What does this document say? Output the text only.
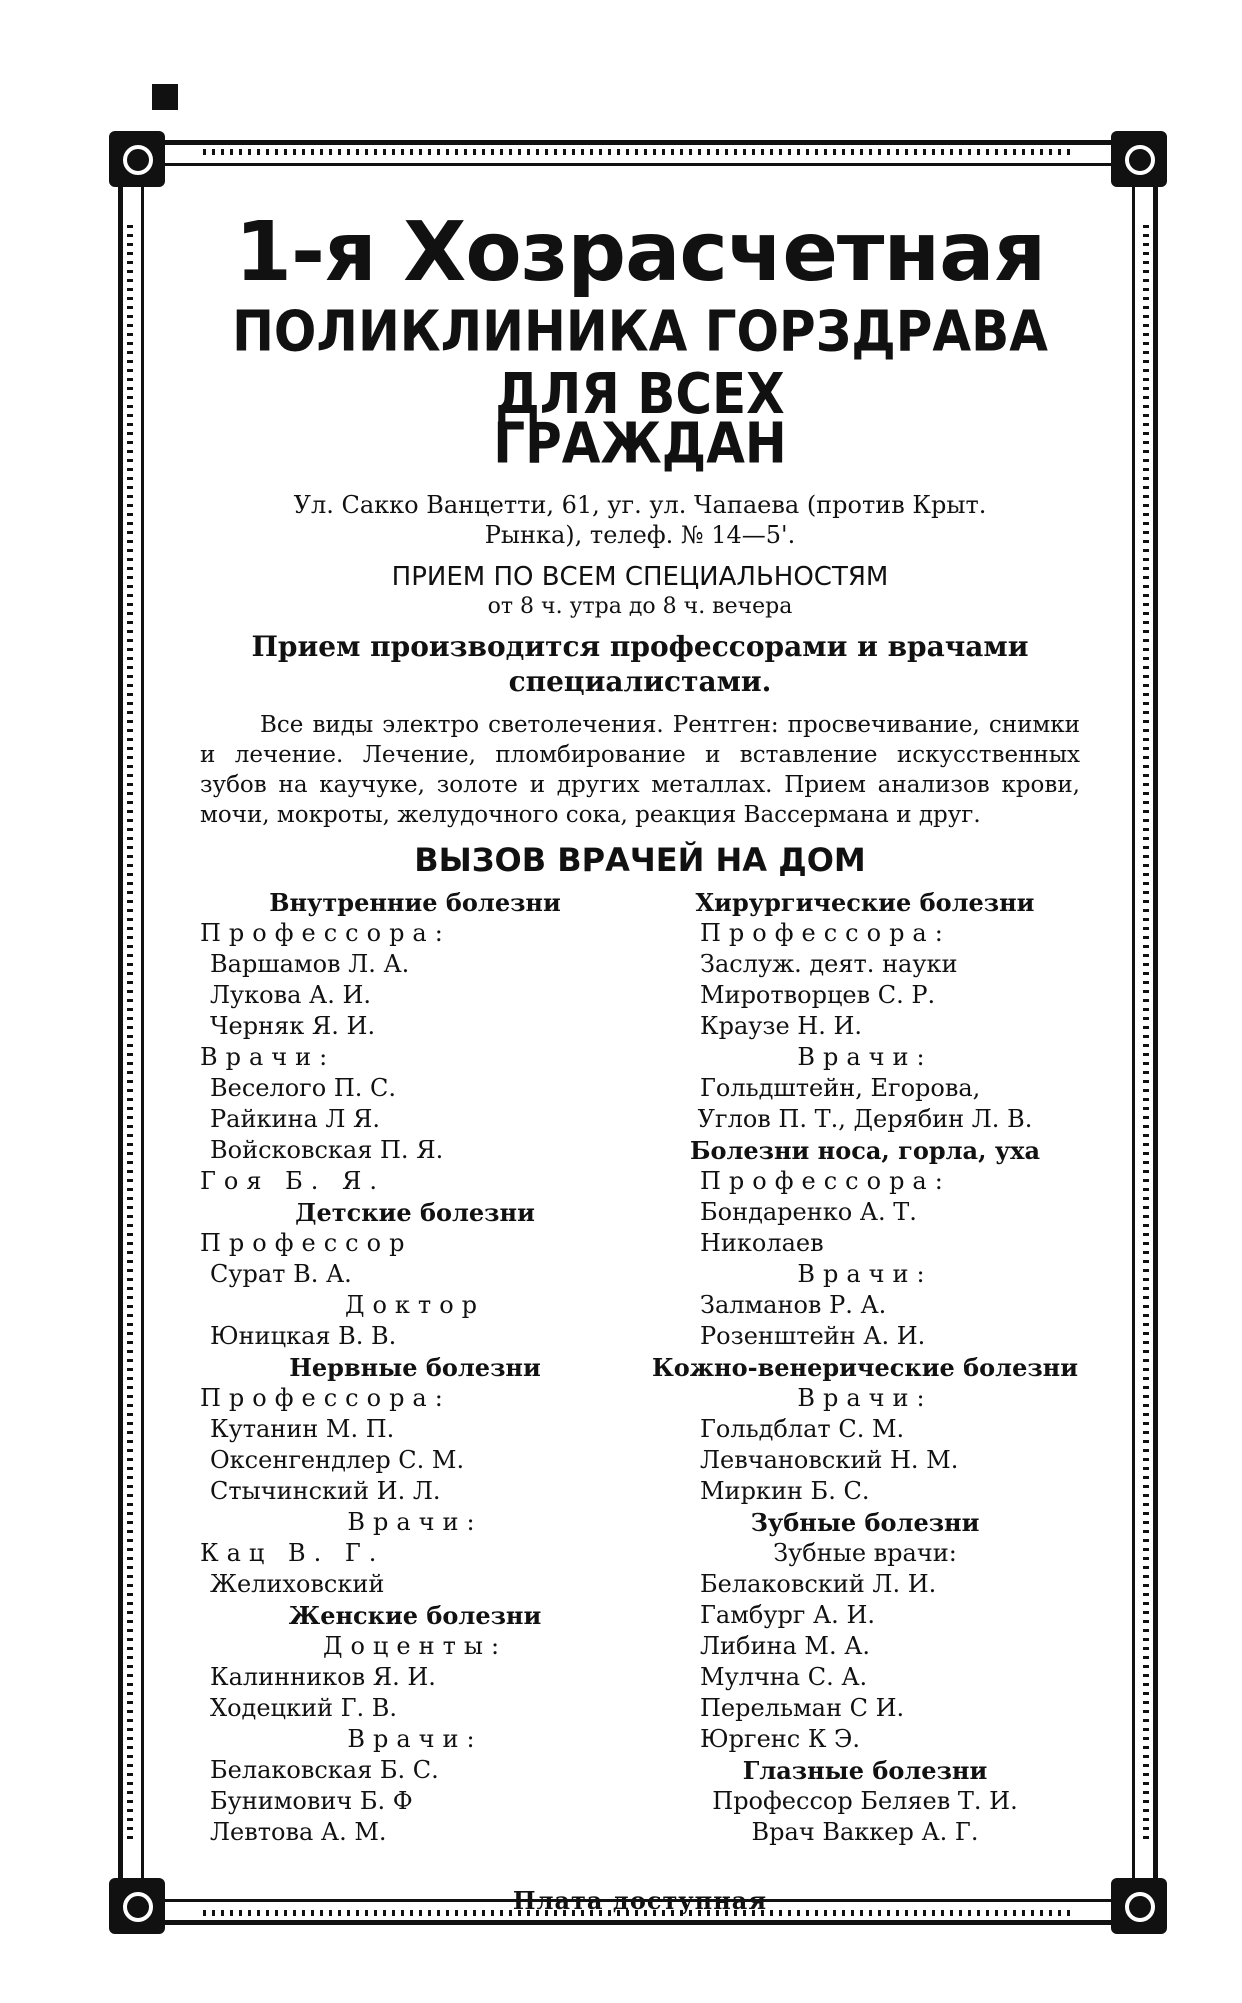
1-я Хозрасчетная
ПОЛИКЛИНИКА ГОРЗДРАВА ДЛЯ ВСЕХ
ГРАЖДАН
Ул. Сакко Ванцетти, 61, уг. ул. Чапаева (против Крыт.
Рынка), телеф. № 14—5'.
ПРИЕМ ПО ВСЕМ СПЕЦИАЛЬНОСТЯМ
от 8 ч. утра до 8 ч. вечера
Прием производится профессорами и врачами
специалистами.

Все виды электро светолечения. Рентген: просвечивание, снимки и лечение. Лечение, пломбирование и вставление искусственных зубов на каучуке, золоте и других металлах. Прием анализов крови, мочи, мокроты, желудочного сока, реакция Вассермана и друг.

ВЫЗОВ ВРАЧЕЙ НА ДОМ
Внутренние болезни
Профессора:
Варшамов Л. А.
Лукова А. И.
Черняк Я. И.
Врачи:
Веселого П. С.
Райкина Л Я.
Войсковская П. Я.
Гоя Б. Я.
Детские болезни
Профессор
Сурат В. А.
Доктор
Юницкая В. В.
Нервные болезни
Профессора:
Кутанин М. П.
Оксенгендлер С. М.
Стычинский И. Л.
Врачи:
Кац В. Г.
Желиховский
Женские болезни
Доценты:
Калинников Я. И.
Ходецкий Г. В.
Врачи:
Белаковская Б. С.
Бунимович Б. Ф
Левтова А. М.
Хирургические болезни
Профессора:
Заслуж. деят. науки
Миротворцев С. Р.
Краузе Н. И.
Врачи:
Гольдштейн, Егорова,
Углов П. Т., Дерябин Л. В.
Болезни носа, горла, уха
Профессора:
Бондаренко А. Т.
Николаев
Врачи:
Залманов Р. А.
Розенштейн А. И.
Кожно-венерические болезни
Врачи:
Гольдблат С. М.
Левчановский Н. М.
Миркин Б. С.
Зубные болезни
Зубные врачи:
Белаковский Л. И.
Гамбург А. И.
Либина М. А.
Мулчна С. А.
Перельман С И.
Юргенс К Э.
Глазные болезни
Профессор Беляев Т. И.
Врач Ваккер А. Г.
Плата доступная
